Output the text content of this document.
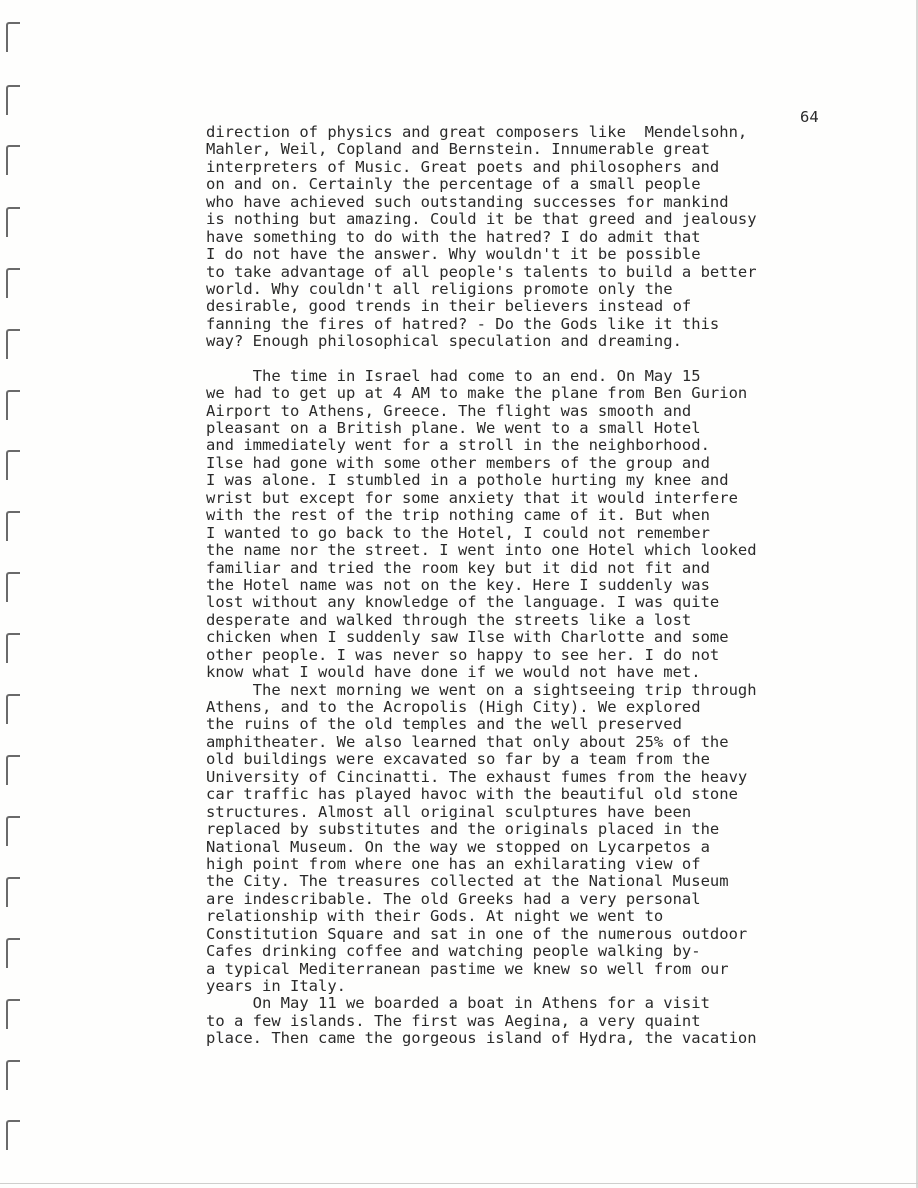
64
direction of physics and great composers like  Mendelsohn,
Mahler, Weil, Copland and Bernstein. Innumerable great
interpreters of Music. Great poets and philosophers and
on and on. Certainly the percentage of a small people
who have achieved such outstanding successes for mankind
is nothing but amazing. Could it be that greed and jealousy
have something to do with the hatred? I do admit that
I do not have the answer. Why wouldn't it be possible
to take advantage of all people's talents to build a better
world. Why couldn't all religions promote only the
desirable, good trends in their believers instead of
fanning the fires of hatred? - Do the Gods like it this
way? Enough philosophical speculation and dreaming.
The time in Israel had come to an end. On May 15
we had to get up at 4 AM to make the plane from Ben Gurion
Airport to Athens, Greece. The flight was smooth and
pleasant on a British plane. We went to a small Hotel
and immediately went for a stroll in the neighborhood.
Ilse had gone with some other members of the group and
I was alone. I stumbled in a pothole hurting my knee and
wrist but except for some anxiety that it would interfere
with the rest of the trip nothing came of it. But when
I wanted to go back to the Hotel, I could not remember
the name nor the street. I went into one Hotel which looked
familiar and tried the room key but it did not fit and
the Hotel name was not on the key. Here I suddenly was
lost without any knowledge of the language. I was quite
desperate and walked through the streets like a lost
chicken when I suddenly saw Ilse with Charlotte and some
other people. I was never so happy to see her. I do not
know what I would have done if we would not have met.
The next morning we went on a sightseeing trip through
Athens, and to the Acropolis (High City). We explored
the ruins of the old temples and the well preserved
amphitheater. We also learned that only about 25% of the
old buildings were excavated so far by a team from the
University of Cincinatti. The exhaust fumes from the heavy
car traffic has played havoc with the beautiful old stone
structures. Almost all original sculptures have been
replaced by substitutes and the originals placed in the
National Museum. On the way we stopped on Lycarpetos a
high point from where one has an exhilarating view of
the City. The treasures collected at the National Museum
are indescribable. The old Greeks had a very personal
relationship with their Gods. At night we went to
Constitution Square and sat in one of the numerous outdoor
Cafes drinking coffee and watching people walking by-
a typical Mediterranean pastime we knew so well from our
years in Italy.
On May 11 we boarded a boat in Athens for a visit
to a few islands. The first was Aegina, a very quaint
place. Then came the gorgeous island of Hydra, the vacation
